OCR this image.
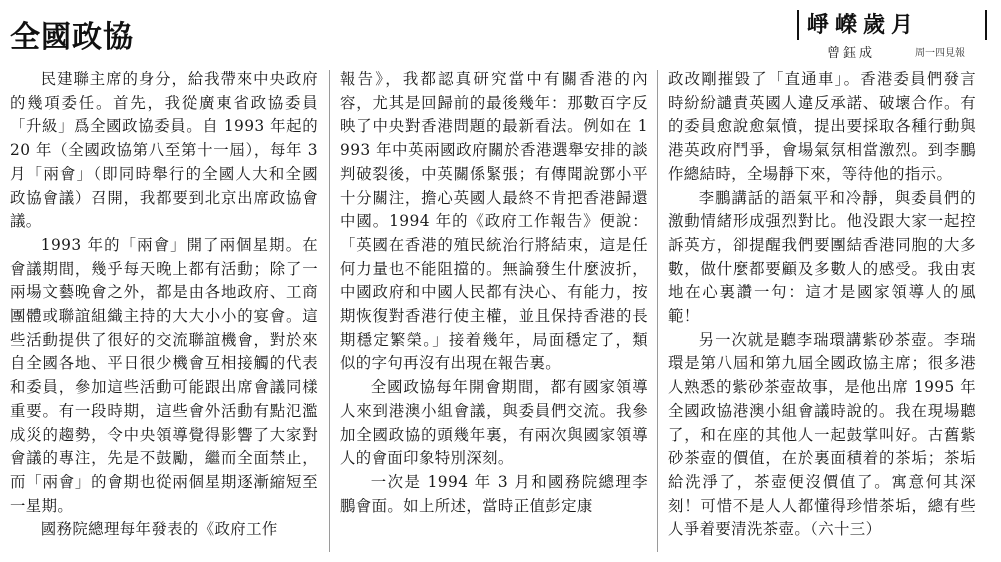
全國政協	崢嶸歲月
曾鈺成	周一四見報

民建聯主席的身分，給我帶來中央政府的幾項委任。首先，我從廣東省政協委員「升級」爲全國政協委員。自 1993 年起的 20 年（全國政協第八至第十一屆），每年 3 月「兩會」（即同時舉行的全國人大和全國政協會議）召開，我都要到北京出席政協會議。

1993 年的「兩會」開了兩個星期。在會議期間，幾乎每天晚上都有活動；除了一兩場文藝晚會之外，都是由各地政府、工商團體或聯誼組織主持的大大小小的宴會。這些活動提供了很好的交流聯誼機會，對於來自全國各地、平日很少機會互相接觸的代表和委員，參加這些活動可能跟出席會議同樣重要。有一段時期，這些會外活動有點氾濫成災的趨勢，令中央領導覺得影響了大家對會議的專注，先是不鼓勵，繼而全面禁止，而「兩會」的會期也從兩個星期逐漸縮短至一星期。

國務院總理每年發表的《政府工作

報告》，我都認真研究當中有關香港的內容，尤其是回歸前的最後幾年：那數百字反映了中央對香港問題的最新看法。例如在 1993 年中英兩國政府關於香港選舉安排的談判破裂後，中英關係緊張；有傳聞說鄧小平十分關注，擔心英國人最終不肯把香港歸還中國。1994 年的《政府工作報告》便說：「英國在香港的殖民統治行將結束，這是任何力量也不能阻擋的。無論發生什麼波折，中國政府和中國人民都有決心、有能力，按期恢復對香港行使主權，並且保持香港的長期穩定繁榮。」接着幾年，局面穩定了，類似的字句再沒有出現在報告裏。

全國政協每年開會期間，都有國家領導人來到港澳小組會議，與委員們交流。我參加全國政協的頭幾年裏，有兩次與國家領導人的會面印象特別深刻。

一次是 1994 年 3 月和國務院總理李鵬會面。如上所述，當時正值彭定康

政改剛摧毀了「直通車」。香港委員們發言時紛紛譴責英國人違反承諾、破壞合作。有的委員愈說愈氣憤，提出要採取各種行動與港英政府鬥爭，會場氣氛相當激烈。到李鵬作總結時，全場靜下來，等待他的指示。

李鵬講話的語氣平和冷靜，與委員們的激動情緒形成强烈對比。他没跟大家一起控訴英方，卻提醒我們要團結香港同胞的大多數，做什麼都要顧及多數人的感受。我由衷地在心裏讚一句：這才是國家領導人的風範！

另一次就是聽李瑞環講紫砂茶壺。李瑞環是第八屆和第九屆全國政協主席；很多港人熟悉的紫砂茶壺故事，是他出席 1995 年全國政協港澳小組會議時說的。我在現場聽了，和在座的其他人一起鼓掌叫好。古舊紫砂茶壺的價值，在於裏面積着的茶垢；茶垢給洗淨了，茶壺便沒價值了。寓意何其深刻！可惜不是人人都懂得珍惜茶垢，總有些人爭着要清洗茶壺。（六十三）
